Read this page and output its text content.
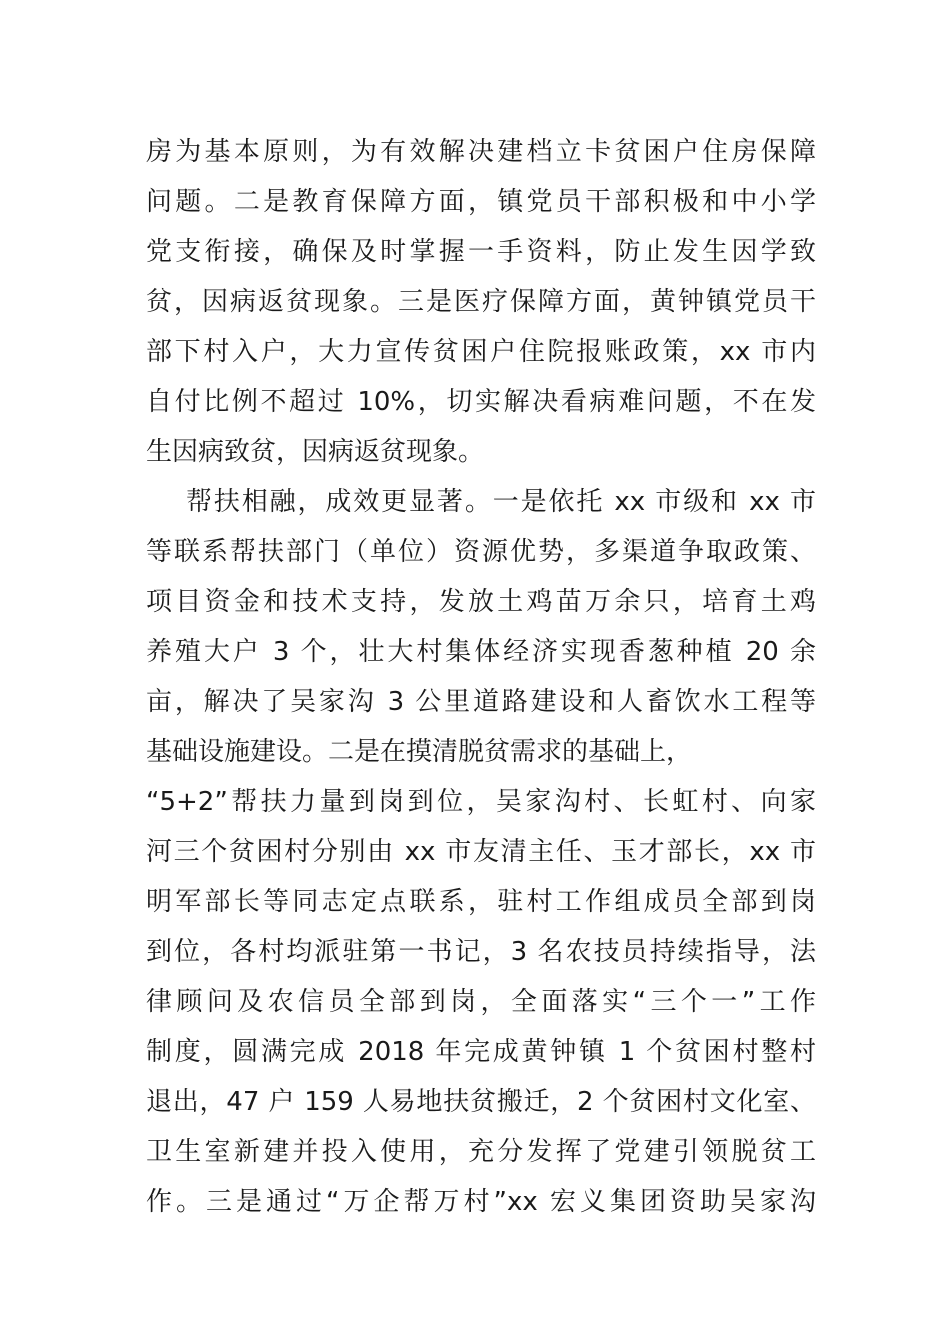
房为基本原则，为有效解决建档立卡贫困户住房保障
问题。二是教育保障方面，镇党员干部积极和中小学
党支衔接，确保及时掌握一手资料，防止发生因学致
贫，因病返贫现象。三是医疗保障方面，黄钟镇党员干
部下村入户，大力宣传贫困户住院报账政策，xx 市内
自付比例不超过 10%，切实解决看病难问题，不在发
生因病致贫，因病返贫现象。
帮扶相融，成效更显著。一是依托 xx 市级和 xx 市
等联系帮扶部门（单位）资源优势，多渠道争取政策、
项目资金和技术支持，发放土鸡苗万余只，培育土鸡
养殖大户 3 个，壮大村集体经济实现香葱种植 20 余
亩，解决了吴家沟 3 公里道路建设和人畜饮水工程等
基础设施建设。二是在摸清脱贫需求的基础上，
“5+2”帮扶力量到岗到位，吴家沟村、长虹村、向家
河三个贫困村分别由 xx 市友清主任、玉才部长，xx 市
明军部长等同志定点联系，驻村工作组成员全部到岗
到位，各村均派驻第一书记，3 名农技员持续指导，法
律顾问及农信员全部到岗，全面落实“三个一”工作
制度，圆满完成 2018 年完成黄钟镇 1 个贫困村整村
退出，47 户 159 人易地扶贫搬迁，2 个贫困村文化室、
卫生室新建并投入使用，充分发挥了党建引领脱贫工
作。三是通过“万企帮万村”xx 宏义集团资助吴家沟
